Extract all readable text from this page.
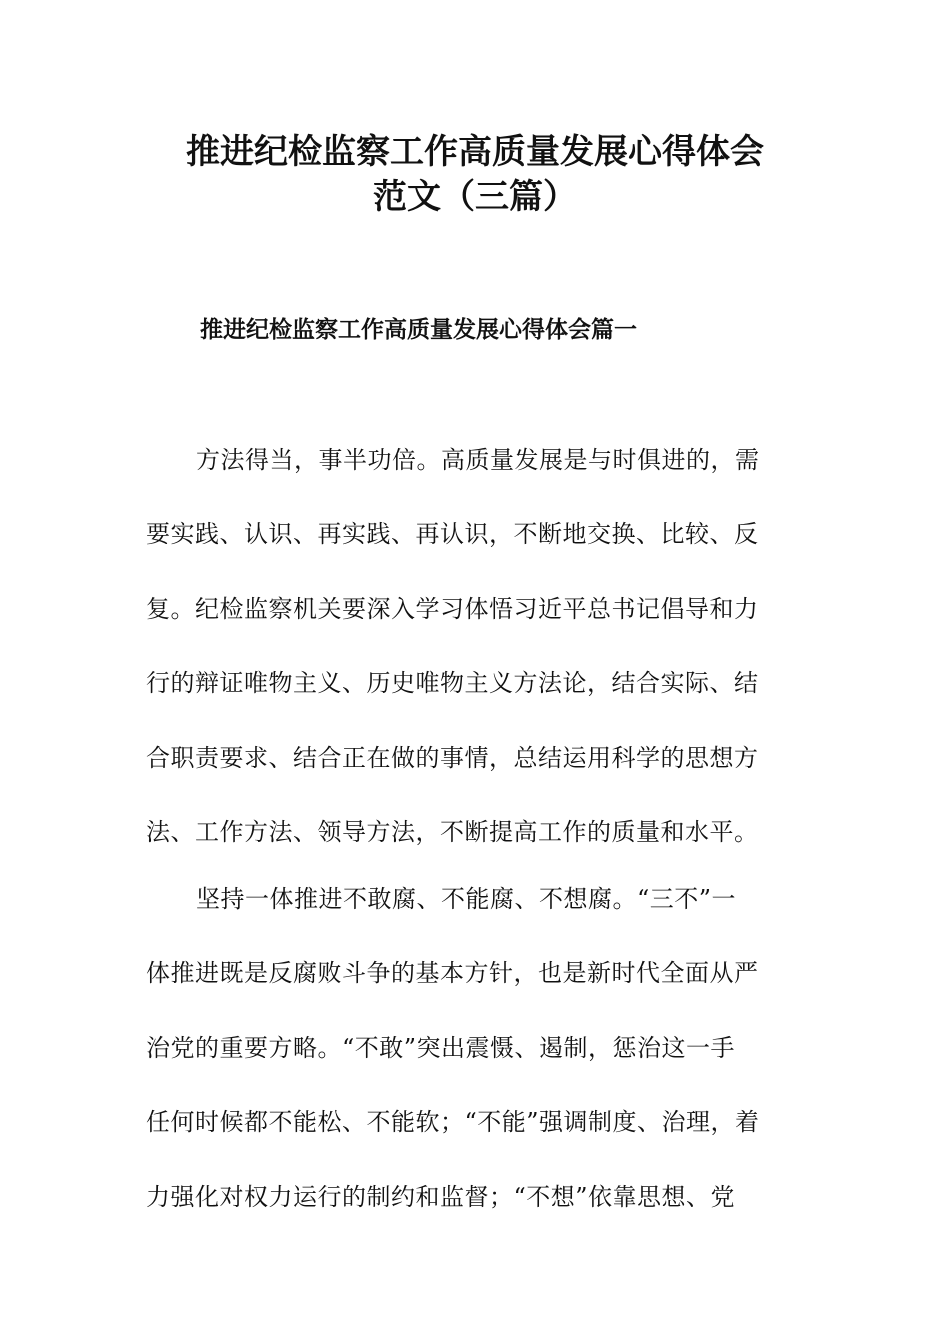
推进纪检监察工作高质量发展心得体会
范文（三篇）
推进纪检监察工作高质量发展心得体会篇一
方法得当，事半功倍。高质量发展是与时俱进的，需
要实践、认识、再实践、再认识，不断地交换、比较、反
复。纪检监察机关要深入学习体悟习近平总书记倡导和力
行的辩证唯物主义、历史唯物主义方法论，结合实际、结
合职责要求、结合正在做的事情，总结运用科学的思想方
法、工作方法、领导方法，不断提高工作的质量和水平。
坚持一体推进不敢腐、不能腐、不想腐。“三不”一
体推进既是反腐败斗争的基本方针，也是新时代全面从严
治党的重要方略。“不敢”突出震慑、遏制，惩治这一手
任何时候都不能松、不能软；“不能”强调制度、治理，着
力强化对权力运行的制约和监督；“不想”依靠思想、党
